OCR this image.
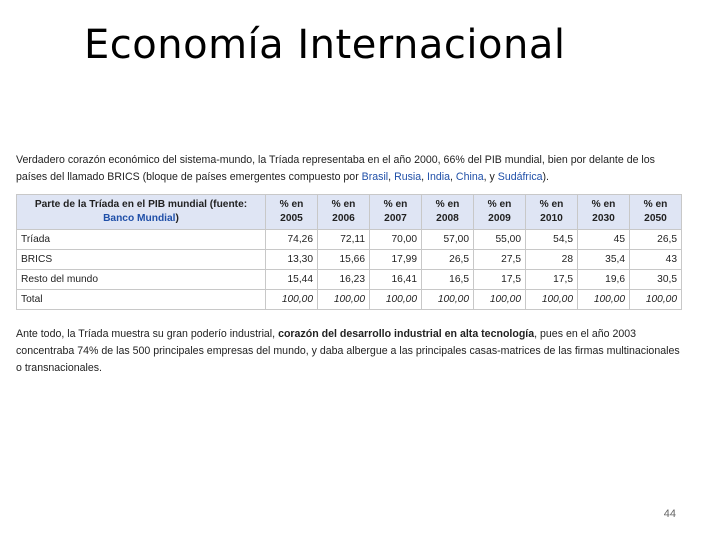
Economía Internacional
Verdadero corazón económico del sistema-mundo, la Tríada representaba en el año 2000, 66% del PIB mundial, bien por delante de los países del llamado BRICS (bloque de países emergentes compuesto por Brasil, Rusia, India, China, y Sudáfrica).
Parte de la Tríada en el PIB mundial (fuente: Banco Mundial)	% en 2005	% en 2006	% en 2007	% en 2008	% en 2009	% en 2010	% en 2030	% en 2050
Tríada	74,26	72,11	70,00	57,00	55,00	54,5	45	26,5
BRICS	13,30	15,66	17,99	26,5	27,5	28	35,4	43
Resto del mundo	15,44	16,23	16,41	16,5	17,5	17,5	19,6	30,5
Total	100,00	100,00	100,00	100,00	100,00	100,00	100,00	100,00
Ante todo, la Tríada muestra su gran poderío industrial, corazón del desarrollo industrial en alta tecnología, pues en el año 2003 concentraba 74% de las 500 principales empresas del mundo, y daba albergue a las principales casas-matrices de las firmas multinacionales o transnacionales.
44
